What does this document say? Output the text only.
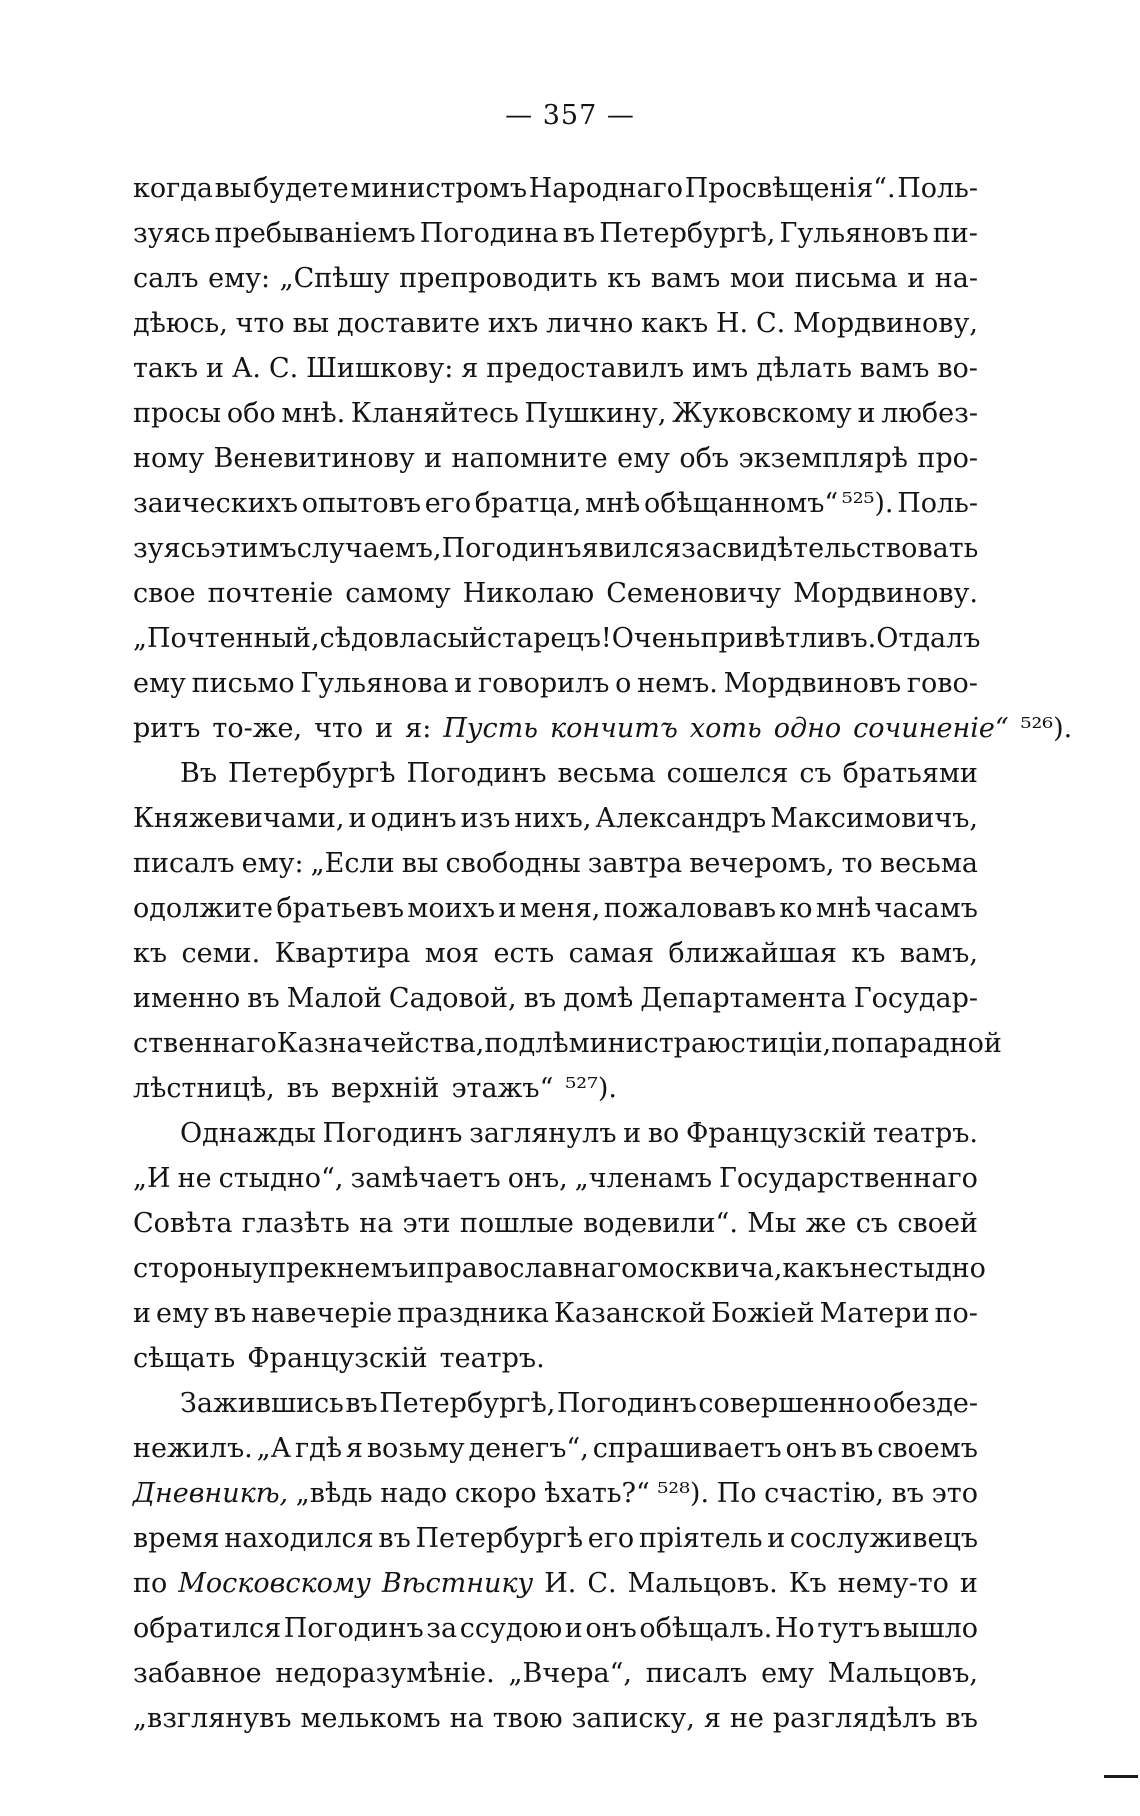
— 357 —
когда вы будете министромъ Народнаго Просвѣщенія“. Поль-
зуясь пребываніемъ Погодина въ Петербургѣ, Гульяновъ пи-
салъ ему: „Спѣшу препроводить къ вамъ мои письма и на-
дѣюсь, что вы доставите ихъ лично какъ Н. С. Мордвинову,
такъ и А. С. Шишкову: я предоставилъ имъ дѣлать вамъ во-
просы обо мнѣ. Кланяйтесь Пушкину, Жуковскому и любез-
ному Веневитинову и напомните ему объ экземплярѣ про-
заическихъ опытовъ его братца, мнѣ обѣщанномъ“ ⁵²⁵). Поль-
зуясь этимъ случаемъ, Погодинъ явился засвидѣтельствовать
свое почтеніе самому Николаю Семеновичу Мордвинову.
„Почтенный, сѣдовласый старецъ! Очень привѣтливъ. Отдалъ
ему письмо Гульянова и говорилъ о немъ. Мордвиновъ гово-
ритъ то-же, что и я: Пусть кончитъ хоть одно сочиненіе“ ⁵²⁶).
Въ Петербургѣ Погодинъ весьма сошелся съ братьями
Княжевичами, и одинъ изъ нихъ, Александръ Максимовичъ,
писалъ ему: „Если вы свободны завтра вечеромъ, то весьма
одолжите братьевъ моихъ и меня, пожаловавъ ко мнѣ часамъ
къ семи. Квартира моя есть самая ближайшая къ вамъ,
именно въ Малой Садовой, въ домѣ Департамента Государ-
ственнаго Казначейства, подлѣ министра юстиціи, по парадной
лѣстницѣ, въ верхній этажъ“ ⁵²⁷).
Однажды Погодинъ заглянулъ и во Французскій театръ.
„И не стыдно“, замѣчаетъ онъ, „членамъ Государственнаго
Совѣта глазѣть на эти пошлые водевили“. Мы же съ своей
стороны упрекнемъ и православнаго москвича, какъ не стыдно
и ему въ навечеріе праздника Казанской Божіей Матери по-
сѣщать Французскій театръ.
Зажившись въ Петербургѣ, Погодинъ совершенно обезде-
нежилъ. „А гдѣ я возьму денегъ“, спрашиваетъ онъ въ своемъ
Дневникѣ, „вѣдь надо скоро ѣхать?“ ⁵²⁸). По счастію, въ это
время находился въ Петербургѣ его пріятель и сослуживецъ
по Московскому Вѣстнику И. С. Мальцовъ. Къ нему-то и
обратился Погодинъ за ссудою и онъ обѣщалъ. Но тутъ вышло
забавное недоразумѣніе. „Вчера“, писалъ ему Мальцовъ,
„взглянувъ мелькомъ на твою записку, я не разглядѣлъ въ
